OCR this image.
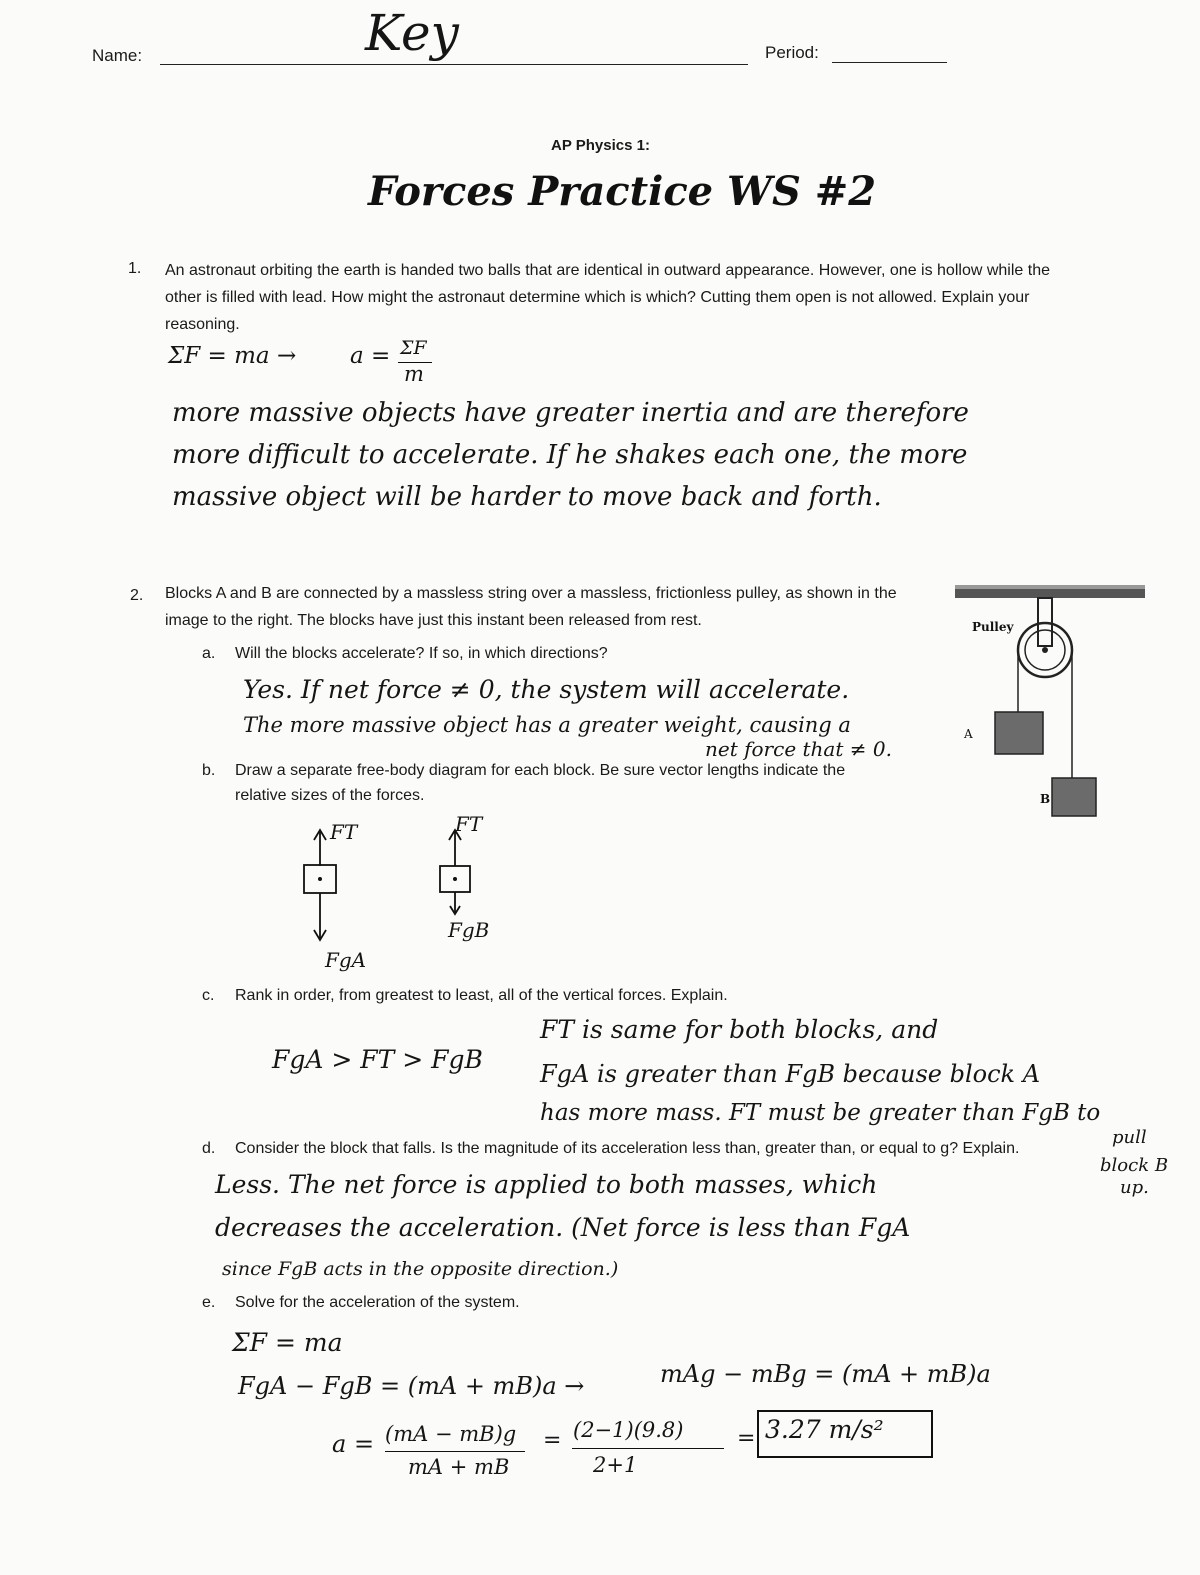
Name:	Key	Period:
AP Physics 1:
Forces Practice WS #2
1. An astronaut orbiting the earth is handed two balls that are identical in outward appearance. However, one is hollow while the other is filled with lead. How might the astronaut determine which is which? Cutting them open is not allowed. Explain your reasoning.
ΣF = ma → a = ΣF
m
more massive objects have greater inertia and are therefore
more difficult to accelerate. If he shakes each one, the more
massive object will be harder to move back and forth.
2. Blocks A and B are connected by a massless string over a massless, frictionless pulley, as shown in the image to the right. The blocks have just this instant been released from rest.	Pulley
A
B
a. Will the blocks accelerate? If so, in which directions?
Yes. If net force ≠ 0, the system will accelerate.
The more massive object has a greater weight, causing a
net force that ≠ 0.
b. Draw a separate free-body diagram for each block. Be sure vector lengths indicate the
relative sizes of the forces.
FT
FgA
FT
FgB
c. Rank in order, from greatest to least, all of the vertical forces. Explain.
FgA > FT > FgB
FT is same for both blocks, and
FgA is greater than FgB because block A
has more mass. FT must be greater than FgB to
pull
block B
up.
d. Consider the block that falls. Is the magnitude of its acceleration less than, greater than, or equal to g? Explain.
Less. The net force is applied to both masses, which
decreases the acceleration. (Net force is less than FgA
since FgB acts in the opposite direction.)
e. Solve for the acceleration of the system.
ΣF = ma
FgA − FgB = (mA + mB)a →	mAg − mBg = (mA + mB)a
a = (mA − mB)g
mA + mB
= (2−1)(9.8)
2+1
= 3.27 m/s²
